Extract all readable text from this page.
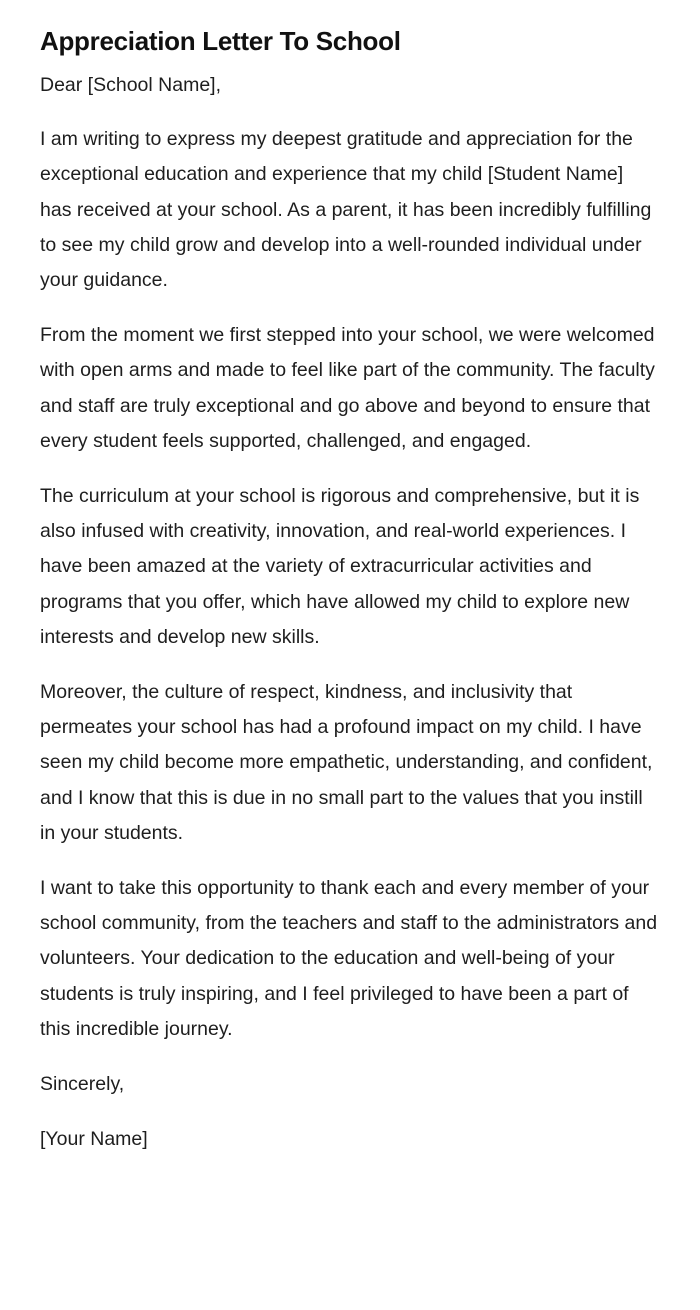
Appreciation Letter To School

Dear [School Name],

I am writing to express my deepest gratitude and appreciation for the exceptional education and experience that my child [Student Name] has received at your school. As a parent, it has been incredibly fulfilling to see my child grow and develop into a well-rounded individual under your guidance.

From the moment we first stepped into your school, we were welcomed with open arms and made to feel like part of the community. The faculty and staff are truly exceptional and go above and beyond to ensure that every student feels supported, challenged, and engaged.

The curriculum at your school is rigorous and comprehensive, but it is also infused with creativity, innovation, and real-world experiences. I have been amazed at the variety of extracurricular activities and programs that you offer, which have allowed my child to explore new interests and develop new skills.

Moreover, the culture of respect, kindness, and inclusivity that permeates your school has had a profound impact on my child. I have seen my child become more empathetic, understanding, and confident, and I know that this is due in no small part to the values that you instill in your students.

I want to take this opportunity to thank each and every member of your school community, from the teachers and staff to the administrators and volunteers. Your dedication to the education and well-being of your students is truly inspiring, and I feel privileged to have been a part of this incredible journey.

Sincerely,

[Your Name]
